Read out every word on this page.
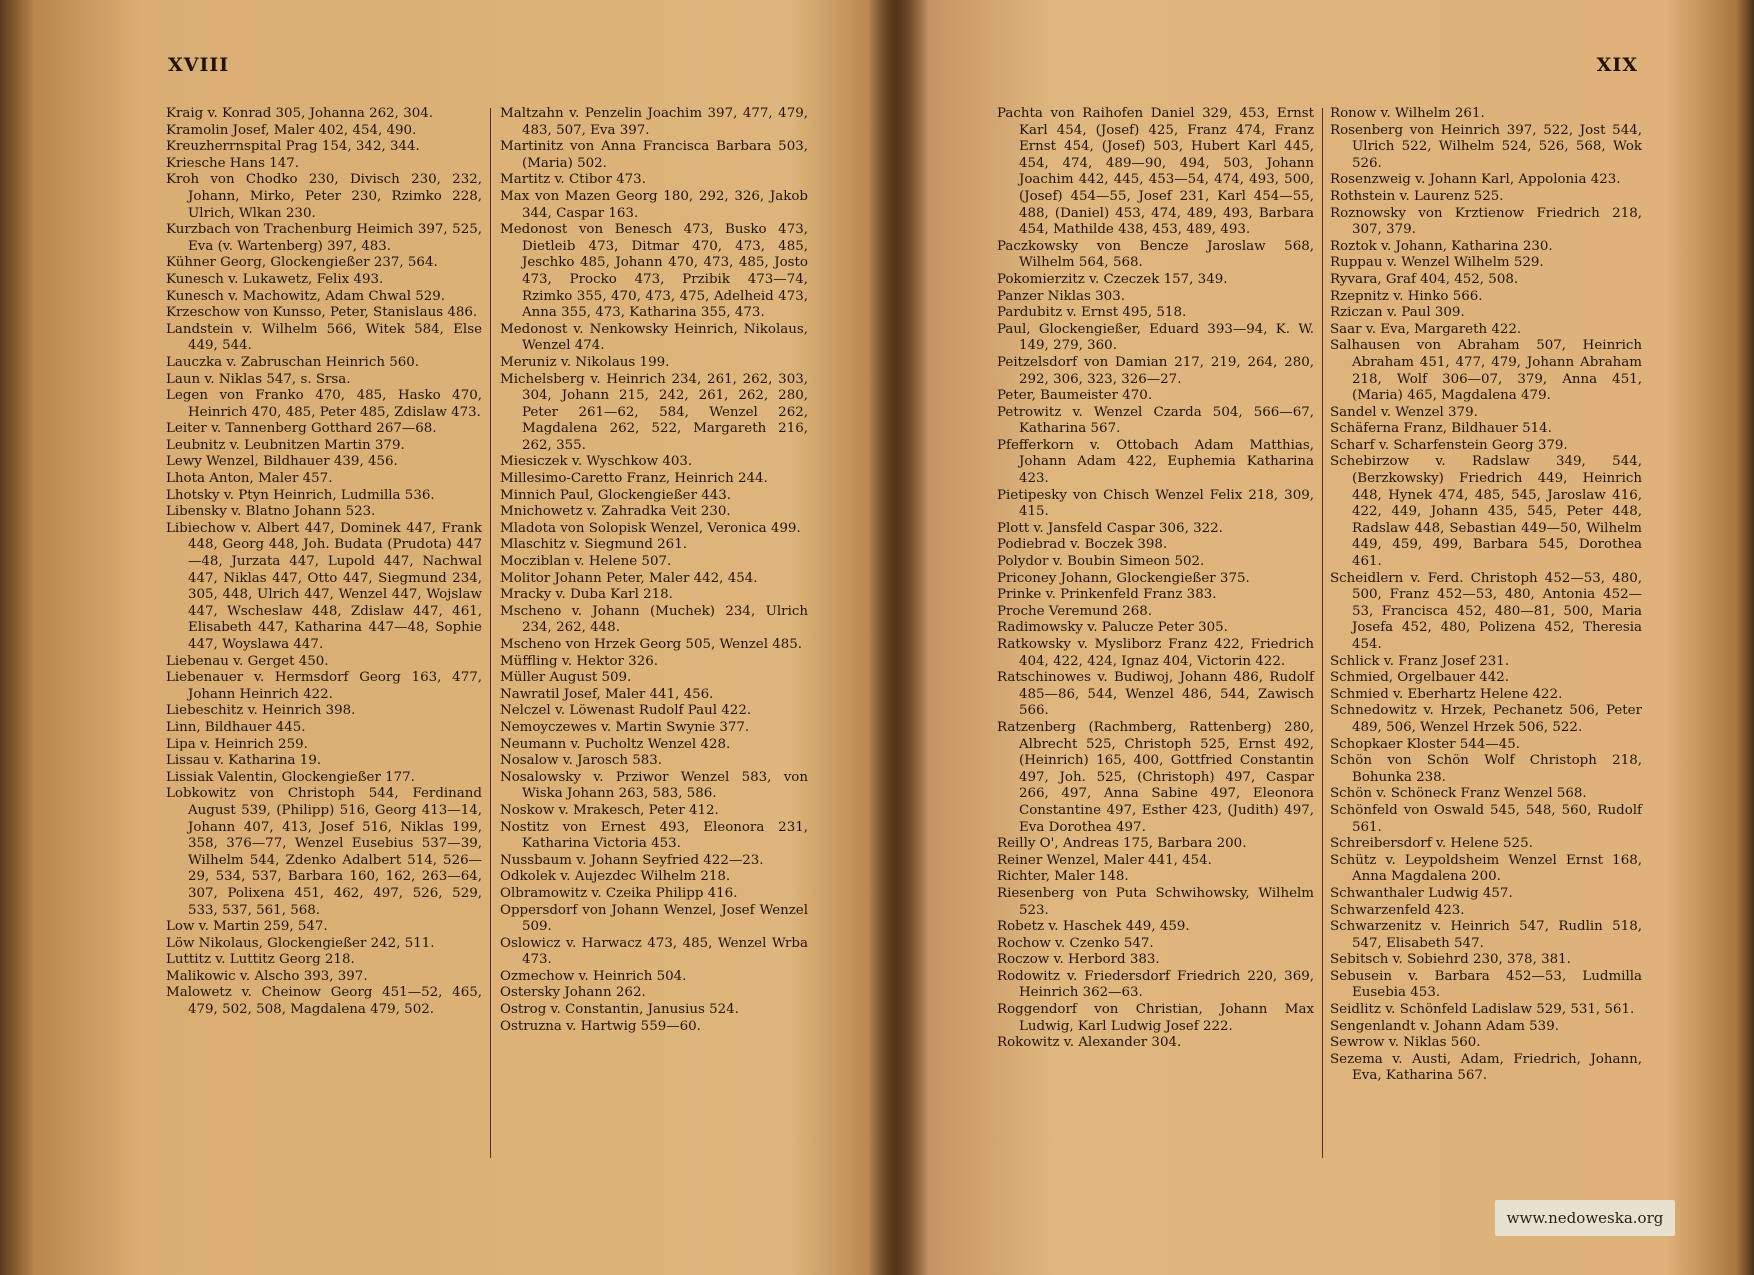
XVIII

Kraig v. Konrad 305, Johanna 262, 304.

Kramolin Josef, Maler 402, 454, 490.

Kreuzherrnspital Prag 154, 342, 344.

Kriesche Hans 147.

Kroh von Chodko 230, Divisch 230, 232, Johann, Mirko, Peter 230, Rzimko 228, Ulrich, Wlkan 230.

Kurzbach von Trachenburg Heimich 397, 525, Eva (v. Wartenberg) 397, 483.

Kühner Georg, Glockengießer 237, 564.

Kunesch v. Lukawetz, Felix 493.

Kunesch v. Machowitz, Adam Chwal 529.

Krzeschow von Kunsso, Peter, Stanislaus 486.

Landstein v. Wilhelm 566, Witek 584, Else 449, 544.

Lauczka v. Zabruschan Heinrich 560.

Laun v. Niklas 547, s. Srsa.

Legen von Franko 470, 485, Hasko 470, Heinrich 470, 485, Peter 485, Zdislaw 473.

Leiter v. Tannenberg Gotthard 267—68.

Leubnitz v. Leubnitzen Martin 379.

Lewy Wenzel, Bildhauer 439, 456.

Lhota Anton, Maler 457.

Lhotsky v. Ptyn Heinrich, Ludmilla 536.

Libensky v. Blatno Johann 523.

Libiechow v. Albert 447, Dominek 447, Frank 448, Georg 448, Joh. Budata (Prudota) 447—48, Jurzata 447, Lupold 447, Nachwal 447, Niklas 447, Otto 447, Siegmund 234, 305, 448, Ulrich 447, Wenzel 447, Wojslaw 447, Wscheslaw 448, Zdislaw 447, 461, Elisabeth 447, Katharina 447—48, Sophie 447, Woyslawa 447.

Liebenau v. Gerget 450.

Liebenauer v. Hermsdorf Georg 163, 477, Johann Heinrich 422.

Liebeschitz v. Heinrich 398.

Linn, Bildhauer 445.

Lipa v. Heinrich 259.

Lissau v. Katharina 19.

Lissiak Valentin, Glockengießer 177.

Lobkowitz von Christoph 544, Ferdinand August 539, (Philipp) 516, Georg 413—14, Johann 407, 413, Josef 516, Niklas 199, 358, 376—77, Wenzel Eusebius 537—39, Wilhelm 544, Zdenko Adalbert 514, 526—29, 534, 537, Barbara 160, 162, 263—64, 307, Polixena 451, 462, 497, 526, 529, 533, 537, 561, 568.

Low v. Martin 259, 547.

Löw Nikolaus, Glockengießer 242, 511.

Luttitz v. Luttitz Georg 218.

Malikowic v. Alscho 393, 397.

Malowetz v. Cheinow Georg 451—52, 465, 479, 502, 508, Magdalena 479, 502.

Maltzahn v. Penzelin Joachim 397, 477, 479, 483, 507, Eva 397.

Martinitz von Anna Francisca Barbara 503, (Maria) 502.

Martitz v. Ctibor 473.

Max von Mazen Georg 180, 292, 326, Jakob 344, Caspar 163.

Medonost von Benesch 473, Busko 473, Dietleib 473, Ditmar 470, 473, 485, Jeschko 485, Johann 470, 473, 485, Josto 473, Procko 473, Przibik 473—74, Rzimko 355, 470, 473, 475, Adelheid 473, Anna 355, 473, Katharina 355, 473.

Medonost v. Nenkowsky Heinrich, Nikolaus, Wenzel 474.

Meruniz v. Nikolaus 199.

Michelsberg v. Heinrich 234, 261, 262, 303, 304, Johann 215, 242, 261, 262, 280, Peter 261—62, 584, Wenzel 262, Magdalena 262, 522, Margareth 216, 262, 355.

Miesiczek v. Wyschkow 403.

Millesimo-Caretto Franz, Heinrich 244.

Minnich Paul, Glockengießer 443.

Mnichowetz v. Zahradka Veit 230.

Mladota von Solopisk Wenzel, Veronica 499.

Mlaschitz v. Siegmund 261.

Mocziblan v. Helene 507.

Molitor Johann Peter, Maler 442, 454.

Mracky v. Duba Karl 218.

Mscheno v. Johann (Muchek) 234, Ulrich 234, 262, 448.

Mscheno von Hrzek Georg 505, Wenzel 485.

Müffling v. Hektor 326.

Müller August 509.

Nawratil Josef, Maler 441, 456.

Nelczel v. Löwenast Rudolf Paul 422.

Nemoyczewes v. Martin Swynie 377.

Neumann v. Pucholtz Wenzel 428.

Nosalow v. Jarosch 583.

Nosalowsky v. Prziwor Wenzel 583, von Wiska Johann 263, 583, 586.

Noskow v. Mrakesch, Peter 412.

Nostitz von Ernest 493, Eleonora 231, Katharina Victoria 453.

Nussbaum v. Johann Seyfried 422—23.

Odkolek v. Aujezdec Wilhelm 218.

Olbramowitz v. Czeika Philipp 416.

Oppersdorf von Johann Wenzel, Josef Wenzel 509.

Oslowicz v. Harwacz 473, 485, Wenzel Wrba 473.

Ozmechow v. Heinrich 504.

Ostersky Johann 262.

Ostrog v. Constantin, Janusius 524.

Ostruzna v. Hartwig 559—60.

XIX

Pachta von Raihofen Daniel 329, 453, Ernst Karl 454, (Josef) 425, Franz 474, Franz Ernst 454, (Josef) 503, Hubert Karl 445, 454, 474, 489—90, 494, 503, Johann Joachim 442, 445, 453—54, 474, 493, 500, (Josef) 454—55, Josef 231, Karl 454—55, 488, (Daniel) 453, 474, 489, 493, Barbara 454, Mathilde 438, 453, 489, 493.

Paczkowsky von Bencze Jaroslaw 568, Wilhelm 564, 568.

Pokomierzitz v. Czeczek 157, 349.

Panzer Niklas 303.

Pardubitz v. Ernst 495, 518.

Paul, Glockengießer, Eduard 393—94, K. W. 149, 279, 360.

Peitzelsdorf von Damian 217, 219, 264, 280, 292, 306, 323, 326—27.

Peter, Baumeister 470.

Petrowitz v. Wenzel Czarda 504, 566—67, Katharina 567.

Pfefferkorn v. Ottobach Adam Matthias, Johann Adam 422, Euphemia Katharina 423.

Pietipesky von Chisch Wenzel Felix 218, 309, 415.

Plott v. Jansfeld Caspar 306, 322.

Podiebrad v. Boczek 398.

Polydor v. Boubin Simeon 502.

Priconey Johann, Glockengießer 375.

Prinke v. Prinkenfeld Franz 383.

Proche Veremund 268.

Radimowsky v. Palucze Peter 305.

Ratkowsky v. Mysliborz Franz 422, Friedrich 404, 422, 424, Ignaz 404, Victorin 422.

Ratschinowes v. Budiwoj, Johann 486, Rudolf 485—86, 544, Wenzel 486, 544, Zawisch 566.

Ratzenberg (Rachmberg, Rattenberg) 280, Albrecht 525, Christoph 525, Ernst 492, (Heinrich) 165, 400, Gottfried Constantin 497, Joh. 525, (Christoph) 497, Caspar 266, 497, Anna Sabine 497, Eleonora Constantine 497, Esther 423, (Judith) 497, Eva Dorothea 497.

Reilly O', Andreas 175, Barbara 200.

Reiner Wenzel, Maler 441, 454.

Richter, Maler 148.

Riesenberg von Puta Schwihowsky, Wilhelm 523.

Robetz v. Haschek 449, 459.

Rochow v. Czenko 547.

Roczow v. Herbord 383.

Rodowitz v. Friedersdorf Friedrich 220, 369, Heinrich 362—63.

Roggendorf von Christian, Johann Max Ludwig, Karl Ludwig Josef 222.

Rokowitz v. Alexander 304.

Ronow v. Wilhelm 261.

Rosenberg von Heinrich 397, 522, Jost 544, Ulrich 522, Wilhelm 524, 526, 568, Wok 526.

Rosenzweig v. Johann Karl, Appolonia 423.

Rothstein v. Laurenz 525.

Roznowsky von Krztienow Friedrich 218, 307, 379.

Roztok v. Johann, Katharina 230.

Ruppau v. Wenzel Wilhelm 529.

Ryvara, Graf 404, 452, 508.

Rzepnitz v. Hinko 566.

Rziczan v. Paul 309.

Saar v. Eva, Margareth 422.

Salhausen von Abraham 507, Heinrich Abraham 451, 477, 479, Johann Abraham 218, Wolf 306—07, 379, Anna 451, (Maria) 465, Magdalena 479.

Sandel v. Wenzel 379.

Schäferna Franz, Bildhauer 514.

Scharf v. Scharfenstein Georg 379.

Schebirzow v. Radslaw 349, 544, (Berzkowsky) Friedrich 449, Heinrich 448, Hynek 474, 485, 545, Jaroslaw 416, 422, 449, Johann 435, 545, Peter 448, Radslaw 448, Sebastian 449—50, Wilhelm 449, 459, 499, Barbara 545, Dorothea 461.

Scheidlern v. Ferd. Christoph 452—53, 480, 500, Franz 452—53, 480, Antonia 452—53, Francisca 452, 480—81, 500, Maria Josefa 452, 480, Polizena 452, Theresia 454.

Schlick v. Franz Josef 231.

Schmied, Orgelbauer 442.

Schmied v. Eberhartz Helene 422.

Schnedowitz v. Hrzek, Pechanetz 506, Peter 489, 506, Wenzel Hrzek 506, 522.

Schopkaer Kloster 544—45.

Schön von Schön Wolf Christoph 218, Bohunka 238.

Schön v. Schöneck Franz Wenzel 568.

Schönfeld von Oswald 545, 548, 560, Rudolf 561.

Schreibersdorf v. Helene 525.

Schütz v. Leypoldsheim Wenzel Ernst 168, Anna Magdalena 200.

Schwanthaler Ludwig 457.

Schwarzenfeld 423.

Schwarzenitz v. Heinrich 547, Rudlin 518, 547, Elisabeth 547.

Sebitsch v. Sobiehrd 230, 378, 381.

Sebusein v. Barbara 452—53, Ludmilla Eusebia 453.

Seidlitz v. Schönfeld Ladislaw 529, 531, 561.

Sengenlandt v. Johann Adam 539.

Sewrow v. Niklas 560.

Sezema v. Austi, Adam, Friedrich, Johann, Eva, Katharina 567.

www.nedoweska.org
